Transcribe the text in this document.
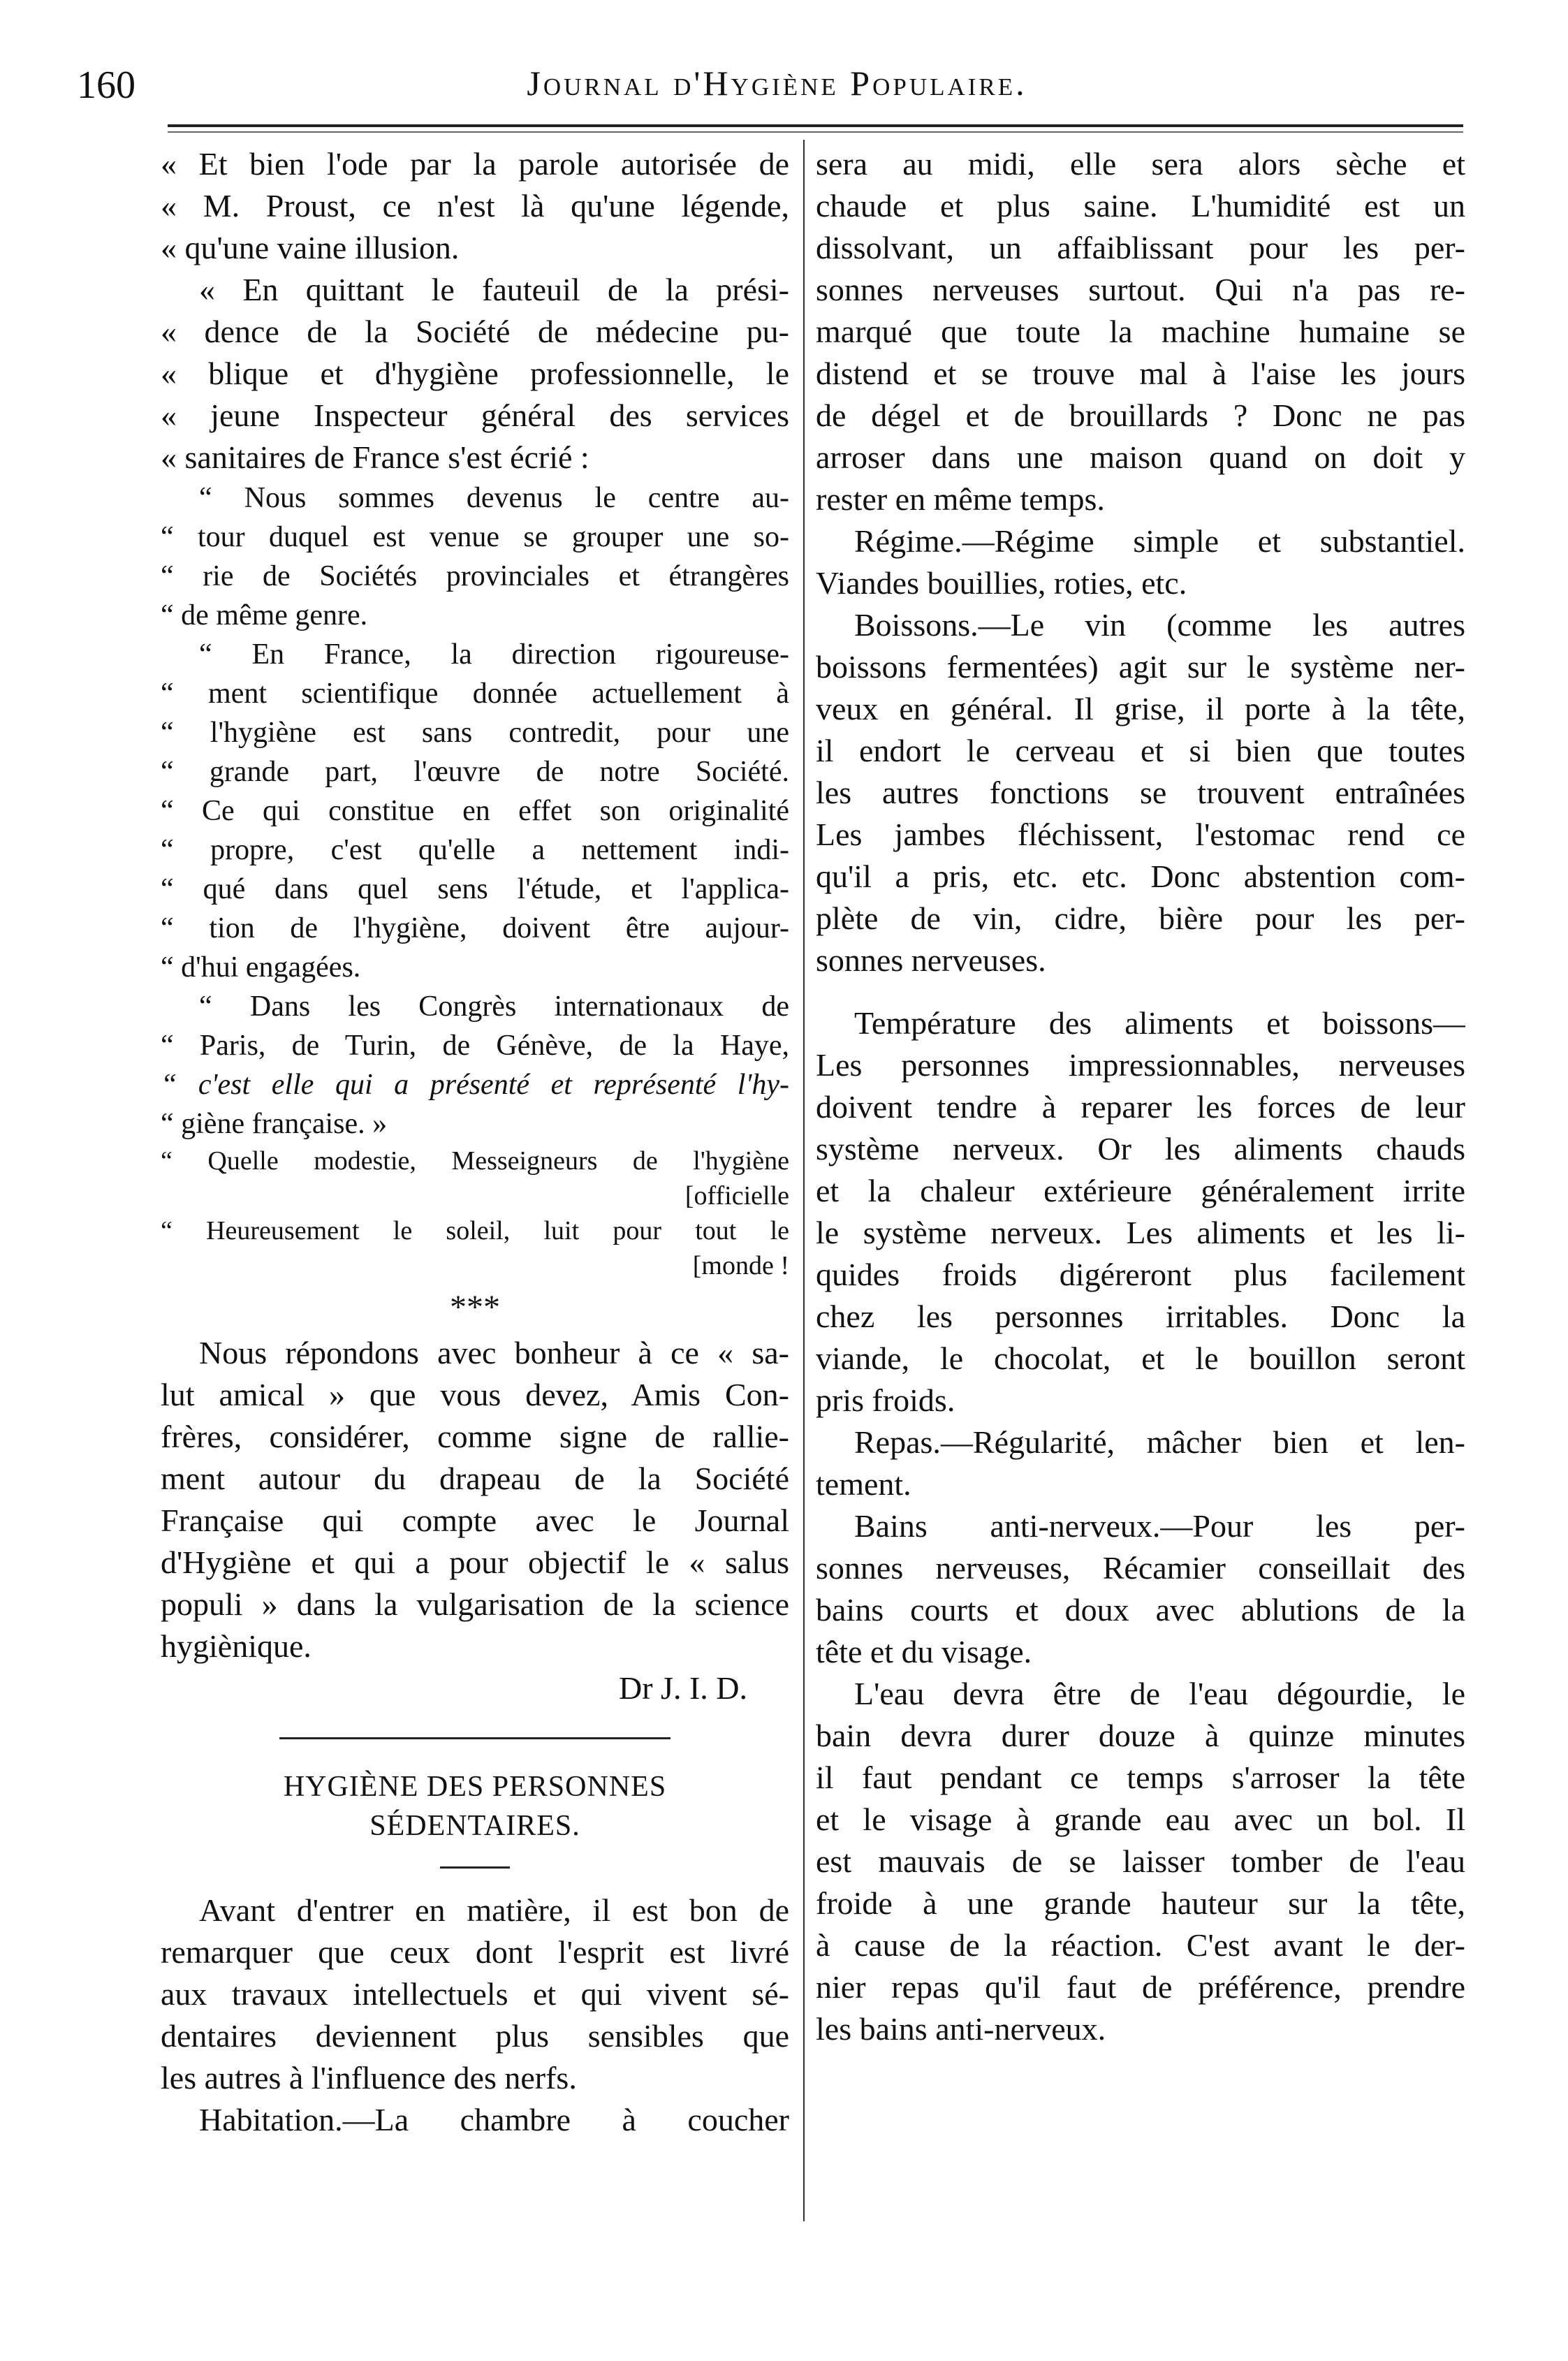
160	Journal d'Hygiène Populaire.
« Et bien l'ode par la parole autorisée de
« M. Proust, ce n'est là qu'une légende,
« qu'une vaine illusion.
« En quittant le fauteuil de la prési-
« dence de la Société de médecine pu-
« blique et d'hygiène professionnelle, le
« jeune Inspecteur général des services
« sanitaires de France s'est écrié :
“ Nous sommes devenus le centre au-
“ tour duquel est venue se grouper une so-
“ rie de Sociétés provinciales et étrangères
“ de même genre.
“ En France, la direction rigoureuse-
“ ment scientifique donnée actuellement à
“ l'hygiène est sans contredit, pour une
“ grande part, l'œuvre de notre Société.
“ Ce qui constitue en effet son originalité
“ propre, c'est qu'elle a nettement indi-
“ qué dans quel sens l'étude, et l'applica-
“ tion de l'hygiène, doivent être aujour-
“ d'hui engagées.
“ Dans les Congrès internationaux de
“ Paris, de Turin, de Génève, de la Haye,
“ c'est elle qui a présenté et représenté l'hy-
“ giène française. »
“ Quelle modestie, Messeigneurs de l'hygiène
[officielle
“ Heureusement le soleil, luit pour tout le
[monde !
***
Nous répondons avec bonheur à ce « sa-
lut amical » que vous devez, Amis Con-
frères, considérer, comme signe de rallie-
ment autour du drapeau de la Société
Française qui compte avec le Journal
d'Hygiène et qui a pour objectif le « salus
populi » dans la vulgarisation de la science
hygiènique.
Dr J. I. D.
HYGIÈNE DES PERSONNES
SÉDENTAIRES.
Avant d'entrer en matière, il est bon de
remarquer que ceux dont l'esprit est livré
aux travaux intellectuels et qui vivent sé-
dentaires deviennent plus sensibles que
les autres à l'influence des nerfs.
Habitation.—La chambre à coucher
sera au midi, elle sera alors sèche et
chaude et plus saine. L'humidité est un
dissolvant, un affaiblissant pour les per-
sonnes nerveuses surtout. Qui n'a pas re-
marqué que toute la machine humaine se
distend et se trouve mal à l'aise les jours
de dégel et de brouillards ? Donc ne pas
arroser dans une maison quand on doit y
rester en même temps.
Régime.—Régime simple et substantiel.
Viandes bouillies, roties, etc.
Boissons.—Le vin (comme les autres
boissons fermentées) agit sur le système ner-
veux en général. Il grise, il porte à la tête,
il endort le cerveau et si bien que toutes
les autres fonctions se trouvent entraînées
Les jambes fléchissent, l'estomac rend ce
qu'il a pris, etc. etc. Donc abstention com-
plète de vin, cidre, bière pour les per-
sonnes nerveuses.
Température des aliments et boissons—
Les personnes impressionnables, nerveuses
doivent tendre à reparer les forces de leur
système nerveux. Or les aliments chauds
et la chaleur extérieure généralement irrite
le système nerveux. Les aliments et les li-
quides froids digéreront plus facilement
chez les personnes irritables. Donc la
viande, le chocolat, et le bouillon seront
pris froids.
Repas.—Régularité, mâcher bien et len-
tement.
Bains anti-nerveux.—Pour les per-
sonnes nerveuses, Récamier conseillait des
bains courts et doux avec ablutions de la
tête et du visage.
L'eau devra être de l'eau dégourdie, le
bain devra durer douze à quinze minutes
il faut pendant ce temps s'arroser la tête
et le visage à grande eau avec un bol. Il
est mauvais de se laisser tomber de l'eau
froide à une grande hauteur sur la tête,
à cause de la réaction. C'est avant le der-
nier repas qu'il faut de préférence, prendre
les bains anti-nerveux.
